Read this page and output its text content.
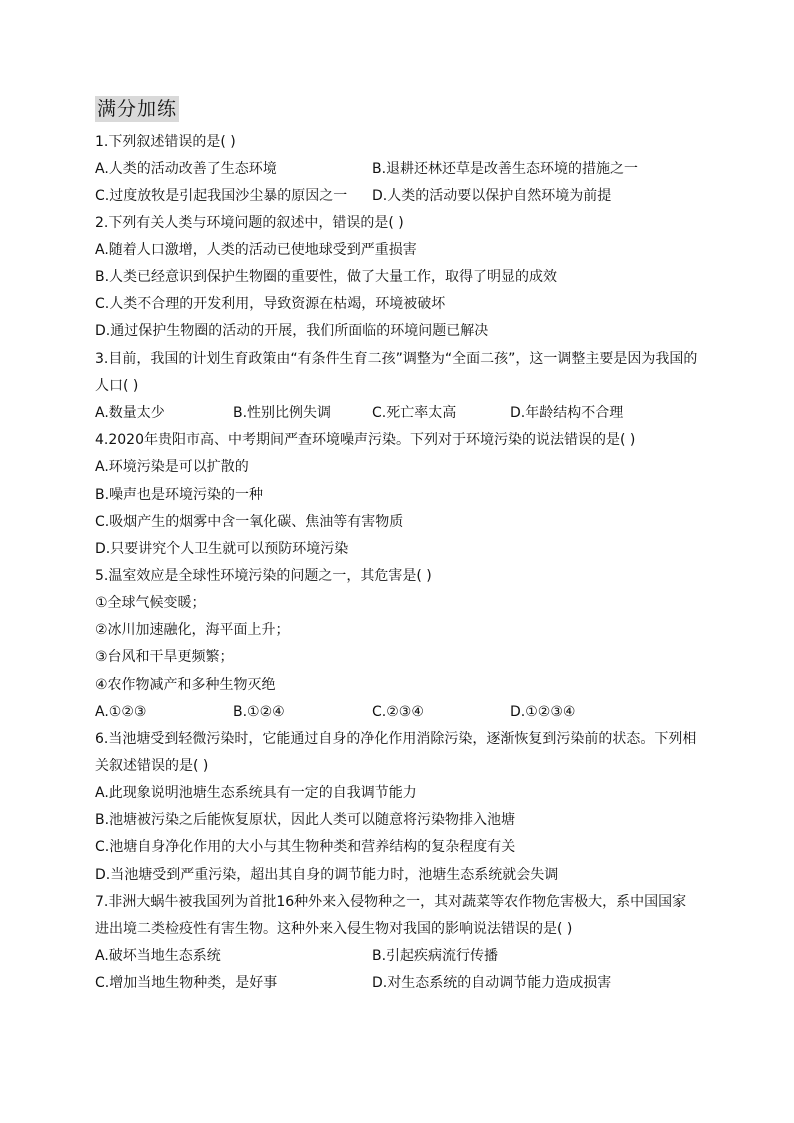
满分加练
1.下列叙述错误的是( )
A.人类的活动改善了生态环境	B.退耕还林还草是改善生态环境的措施之一
C.过度放牧是引起我国沙尘暴的原因之一 D.人类的活动要以保护自然环境为前提
2.下列有关人类与环境问题的叙述中，错误的是( )
A.随着人口激增，人类的活动已使地球受到严重损害
B.人类已经意识到保护生物圈的重要性，做了大量工作，取得了明显的成效
C.人类不合理的开发利用，导致资源在枯竭，环境被破坏
D.通过保护生物圈的活动的开展，我们所面临的环境问题已解决
3.目前，我国的计划生育政策由“有条件生育二孩”调整为“全面二孩”，这一调整主要是因为我国的
人口( )
A.数量太少	B.性别比例失调	C.死亡率太高	D.年龄结构不合理
4.2020年贵阳市高、中考期间严查环境噪声污染。下列对于环境污染的说法错误的是( )
A.环境污染是可以扩散的
B.噪声也是环境污染的一种
C.吸烟产生的烟雾中含一氧化碳、焦油等有害物质
D.只要讲究个人卫生就可以预防环境污染
5.温室效应是全球性环境污染的问题之一，其危害是( )
①全球气候变暖；
②冰川加速融化，海平面上升；
③台风和干旱更频繁；
④农作物减产和多种生物灭绝
A.①②③	B.①②④	C.②③④	D.①②③④
6.当池塘受到轻微污染时，它能通过自身的净化作用消除污染，逐渐恢复到污染前的状态。下列相
关叙述错误的是( )
A.此现象说明池塘生态系统具有一定的自我调节能力
B.池塘被污染之后能恢复原状，因此人类可以随意将污染物排入池塘
C.池塘自身净化作用的大小与其生物种类和营养结构的复杂程度有关
D.当池塘受到严重污染，超出其自身的调节能力时，池塘生态系统就会失调
7.非洲大蜗牛被我国列为首批16种外来入侵物种之一，其对蔬菜等农作物危害极大，系中国国家
进出境二类检疫性有害生物。这种外来入侵生物对我国的影响说法错误的是( )
A.破坏当地生态系统	B.引起疾病流行传播
C.增加当地生物种类，是好事	D.对生态系统的自动调节能力造成损害
